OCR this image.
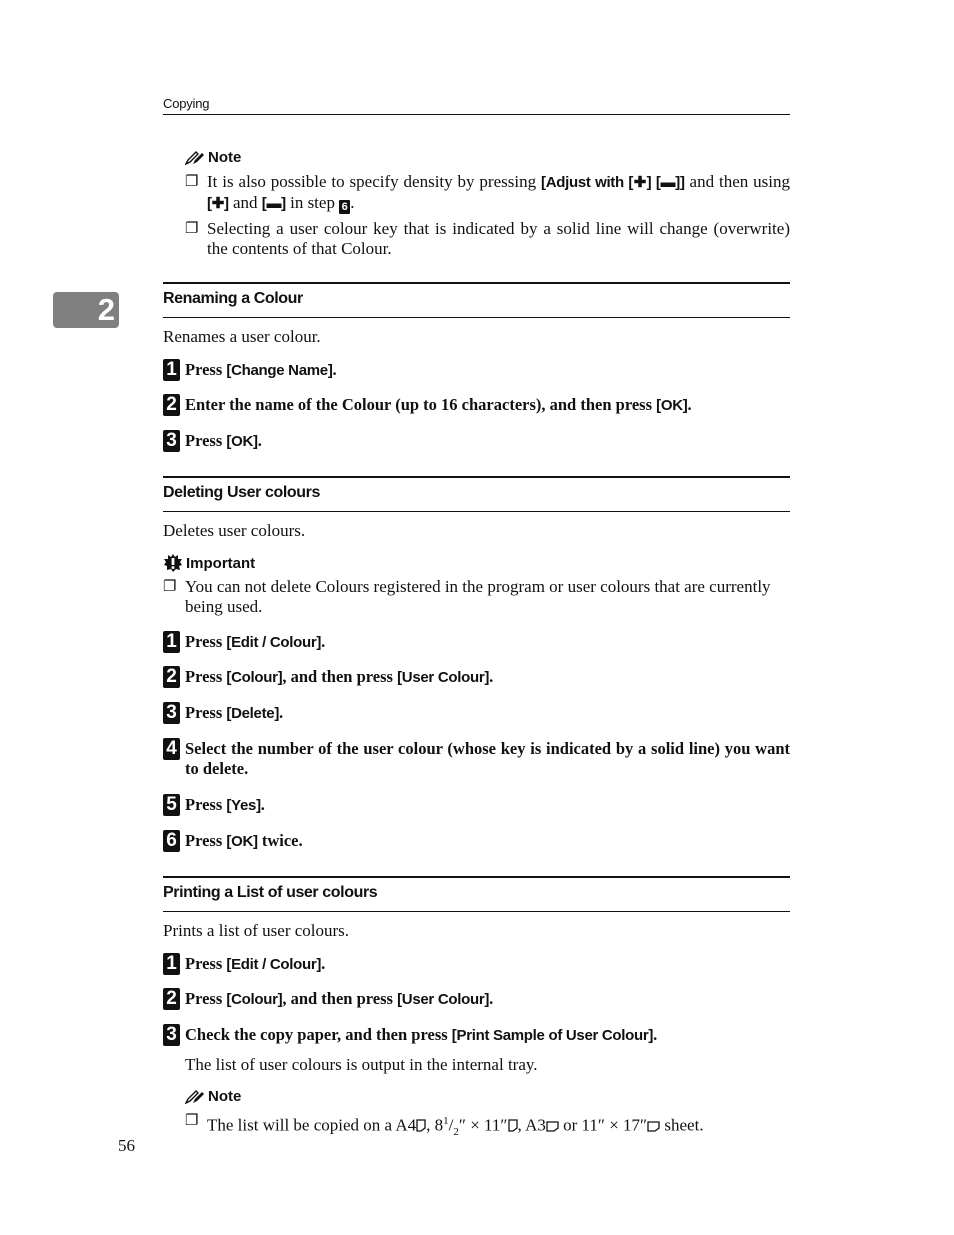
Copying
2
Note
❐ It is also possible to specify density by pressing [Adjust with [✚] [▬]] and then using [✚] and [▬] in step 6 .
❐ Selecting a user colour key that is indicated by a solid line will change (overwrite) the contents of that Colour.
Renaming a Colour
Renames a user colour.
1 Press [Change Name].
2 Enter the name of the Colour (up to 16 characters), and then press [OK].
3 Press [OK].
Deleting User colours
Deletes user colours.
Important
❐ You can not delete Colours registered in the program or user colours that are currently being used.
1 Press [Edit / Colour].
2 Press [Colour], and then press [User Colour].
3 Press [Delete].
4 Select the number of the user colour (whose key is indicated by a solid line) you want to delete.
5 Press [Yes].
6 Press [OK] twice.
Printing a List of user colours
Prints a list of user colours.
1 Press [Edit / Colour].
2 Press [Colour], and then press [User Colour].
3 Check the copy paper, and then press [Print Sample of User Colour].
The list of user colours is output in the internal tray.
Note
❐ The list will be copied on a A4 , $8^1/_2'' \times 11''$ , A3 or 11″ × 17″ sheet.
56
